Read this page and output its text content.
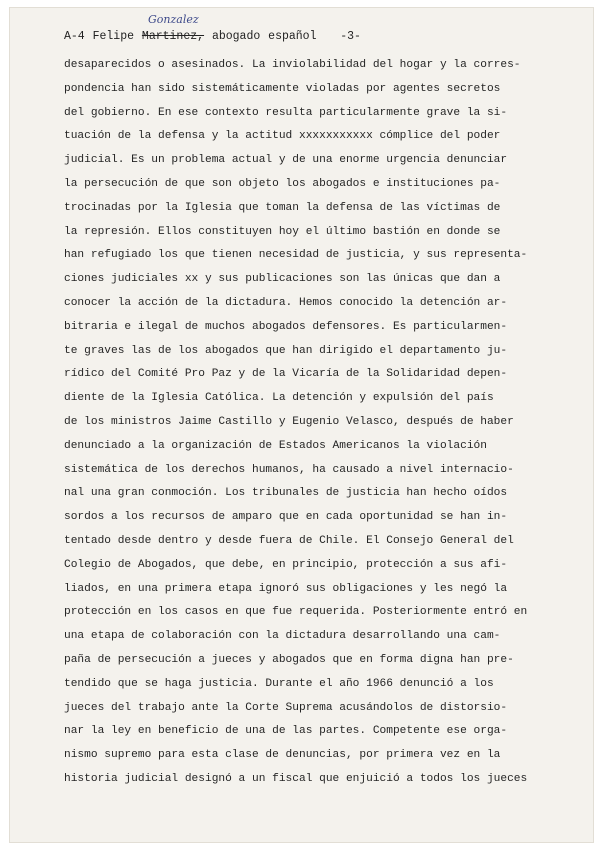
Gonzalez
A-4 Felipe Martinez, abogado español -3-
desaparecidos o asesinados. La inviolabilidad del hogar y la corres-
pondencia han sido sistemáticamente violadas por agentes secretos
del gobierno. En ese contexto resulta particularmente grave la si-
tuación de la defensa y la actitud xxxxxxxxxxx cómplice del poder
judicial. Es un problema actual y de una enorme urgencia denunciar
la persecución de que son objeto los abogados e instituciones pa-
trocinadas por la Iglesia que toman la defensa de las víctimas de
la represión. Ellos constituyen hoy el último bastión en donde se
han refugiado los que tienen necesidad de justicia, y sus representa-
ciones judiciales xx y sus publicaciones son las únicas que dan a
conocer la acción de la dictadura. Hemos conocido la detención ar-
bitraria e ilegal de muchos abogados defensores. Es particularmen-
te graves las de los abogados que han dirigido el departamento ju-
rídico del Comité Pro Paz y de la Vicaría de la Solidaridad depen-
diente de la Iglesia Católica. La detención y expulsión del país
de los ministros Jaime Castillo y Eugenio Velasco, después de haber
denunciado a la organización de Estados Americanos la violación
sistemática de los derechos humanos, ha causado a nivel internacio-
nal una gran conmoción. Los tribunales de justicia han hecho oídos
sordos a los recursos de amparo que en cada oportunidad se han in-
tentado desde dentro y desde fuera de Chile. El Consejo General del
Colegio de Abogados, que debe, en principio, protección a sus afi-
liados, en una primera etapa ignoró sus obligaciones y les negó la
protección en los casos en que fue requerida. Posteriormente entró en
una etapa de colaboración con la dictadura desarrollando una cam-
paña de persecución a jueces y abogados que en forma digna han pre-
tendido que se haga justicia. Durante el año 1966 denunció a los
jueces del trabajo ante la Corte Suprema acusándolos de distorsio-
nar la ley en beneficio de una de las partes. Competente ese orga-
nismo supremo para esta clase de denuncias, por primera vez en la
historia judicial designó a un fiscal que enjuició a todos los jueces
